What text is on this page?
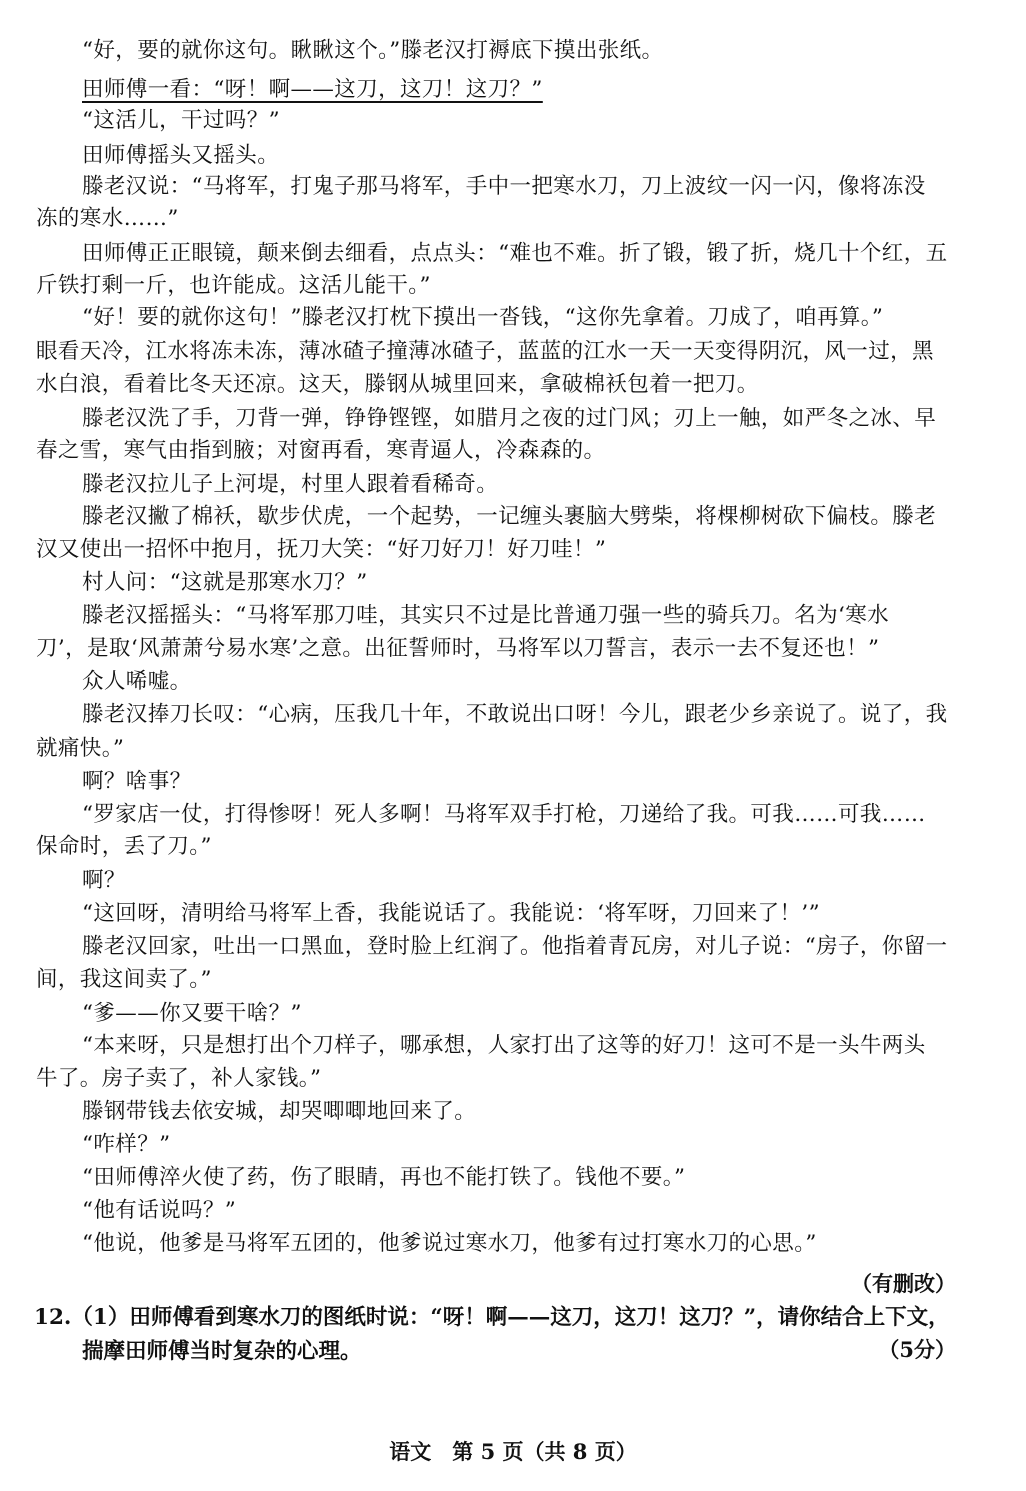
“好，要的就你这句。瞅瞅这个。”滕老汉打褥底下摸出张纸。
田师傅一看：“呀！啊——这刀，这刀！这刀？”
“这活儿，干过吗？”
田师傅摇头又摇头。
滕老汉说：“马将军，打鬼子那马将军，手中一把寒水刀，刀上波纹一闪一闪，像将冻没
冻的寒水……”
田师傅正正眼镜，颠来倒去细看，点点头：“难也不难。折了锻，锻了折，烧几十个红，五
斤铁打剩一斤，也许能成。这活儿能干。”
“好！要的就你这句！”滕老汉打枕下摸出一沓钱，“这你先拿着。刀成了，咱再算。”
眼看天冷，江水将冻未冻，薄冰碴子撞薄冰碴子，蓝蓝的江水一天一天变得阴沉，风一过，黑
水白浪，看着比冬天还凉。这天，滕钢从城里回来，拿破棉袄包着一把刀。
滕老汉洗了手，刀背一弹，铮铮铿铿，如腊月之夜的过门风；刃上一触，如严冬之冰、早
春之雪，寒气由指到腋；对窗再看，寒青逼人，冷森森的。
滕老汉拉儿子上河堤，村里人跟着看稀奇。
滕老汉撇了棉袄，歇步伏虎，一个起势，一记缠头裹脑大劈柴，将棵柳树砍下偏枝。滕老
汉又使出一招怀中抱月，抚刀大笑：“好刀好刀！好刀哇！”
村人问：“这就是那寒水刀？”
滕老汉摇摇头：“马将军那刀哇，其实只不过是比普通刀强一些的骑兵刀。名为‘寒水
刀’，是取‘风萧萧兮易水寒’之意。出征誓师时，马将军以刀誓言，表示一去不复还也！”
众人唏嘘。
滕老汉捧刀长叹：“心病，压我几十年，不敢说出口呀！今儿，跟老少乡亲说了。说了，我
就痛快。”
啊？啥事？
“罗家店一仗，打得惨呀！死人多啊！马将军双手打枪，刀递给了我。可我……可我……
保命时，丢了刀。”
啊？
“这回呀，清明给马将军上香，我能说话了。我能说：‘将军呀，刀回来了！’”
滕老汉回家，吐出一口黑血，登时脸上红润了。他指着青瓦房，对儿子说：“房子，你留一
间，我这间卖了。”
“爹——你又要干啥？”
“本来呀，只是想打出个刀样子，哪承想，人家打出了这等的好刀！这可不是一头牛两头
牛了。房子卖了，补人家钱。”
滕钢带钱去依安城，却哭唧唧地回来了。
“咋样？”
“田师傅淬火使了药，伤了眼睛，再也不能打铁了。钱他不要。”
“他有话说吗？”
“他说，他爹是马将军五团的，他爹说过寒水刀，他爹有过打寒水刀的心思。”
（有删改）
12.（1）田师傅看到寒水刀的图纸时说：“呀！啊——这刀，这刀！这刀？”，请你结合上下文，
揣摩田师傅当时复杂的心理。	（5分）
语文　第 5 页（共 8 页）
